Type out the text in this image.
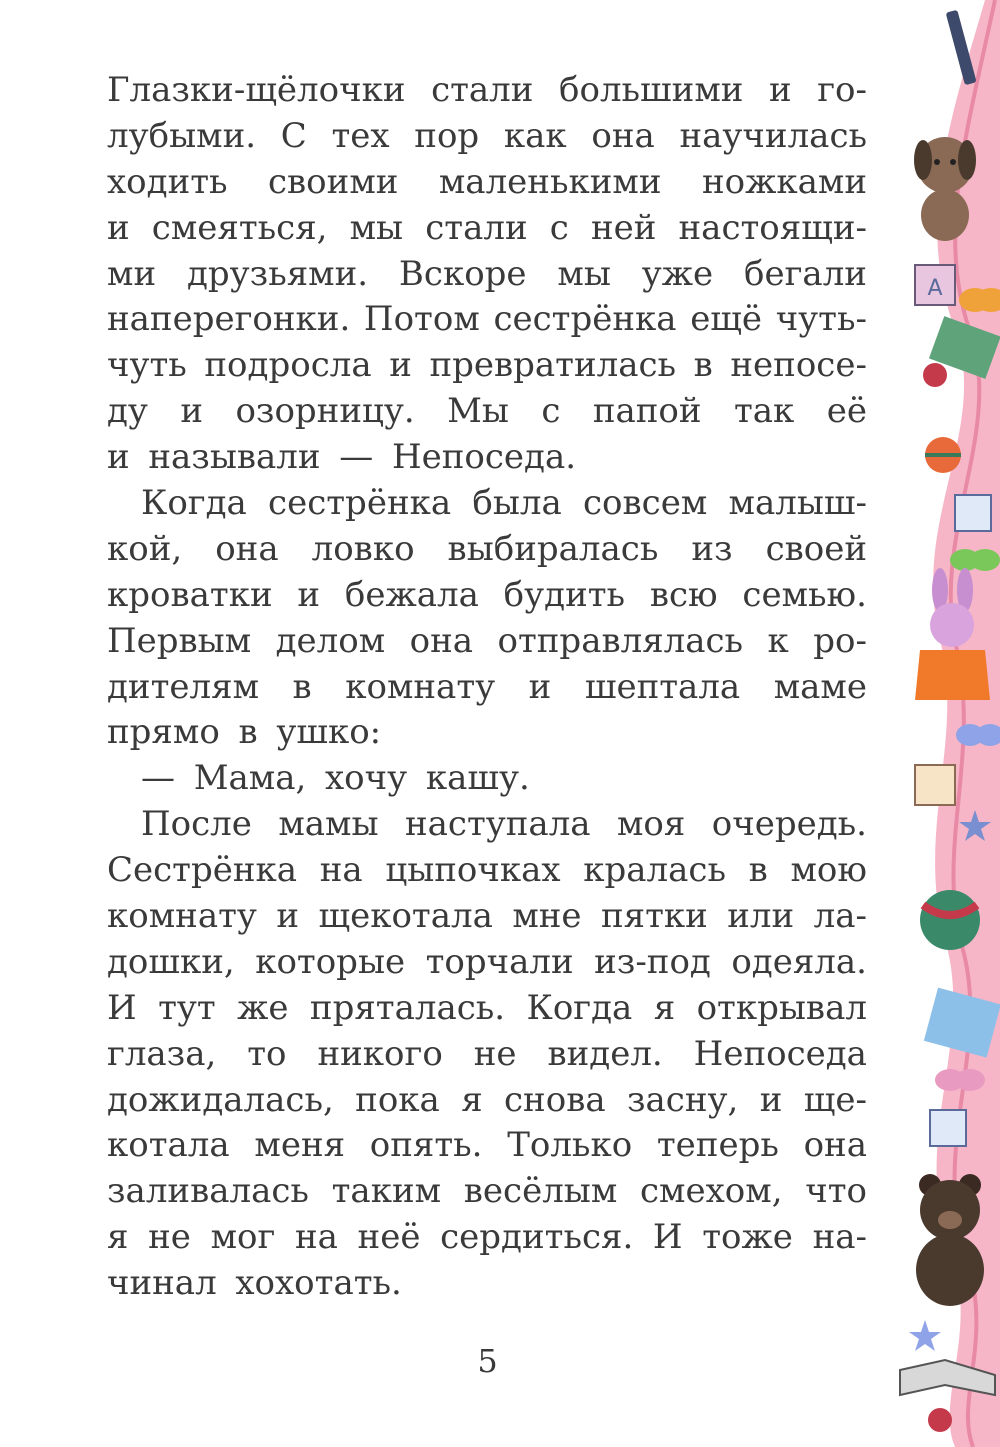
Глазки-щёлочки стали большими и го-
лубыми. С тех пор как она научилась
ходить своими маленькими ножками
и смеяться, мы стали с ней настоящи-
ми друзьями. Вскоре мы уже бегали
наперегонки. Потом сестрёнка ещё чуть-
чуть подросла и превратилась в непосе-
ду и озорницу. Мы с папой так её
и называли — Непоседа.
Когда сестрёнка была совсем малыш-
кой, она ловко выбиралась из своей
кроватки и бежала будить всю семью.
Первым делом она отправлялась к ро-
дителям в комнату и шептала маме
прямо в ушко:
— Мама, хочу кашу.
После мамы наступала моя очередь.
Сестрёнка на цыпочках кралась в мою
комнату и щекотала мне пятки или ла-
дошки, которые торчали из-под одеяла.
И тут же пряталась. Когда я открывал
глаза, то никого не видел. Непоседа
дожидалась, пока я снова засну, и ще-
котала меня опять. Только теперь она
заливалась таким весёлым смехом, что
я не мог на неё сердиться. И тоже на-
чинал хохотать.
5
A
